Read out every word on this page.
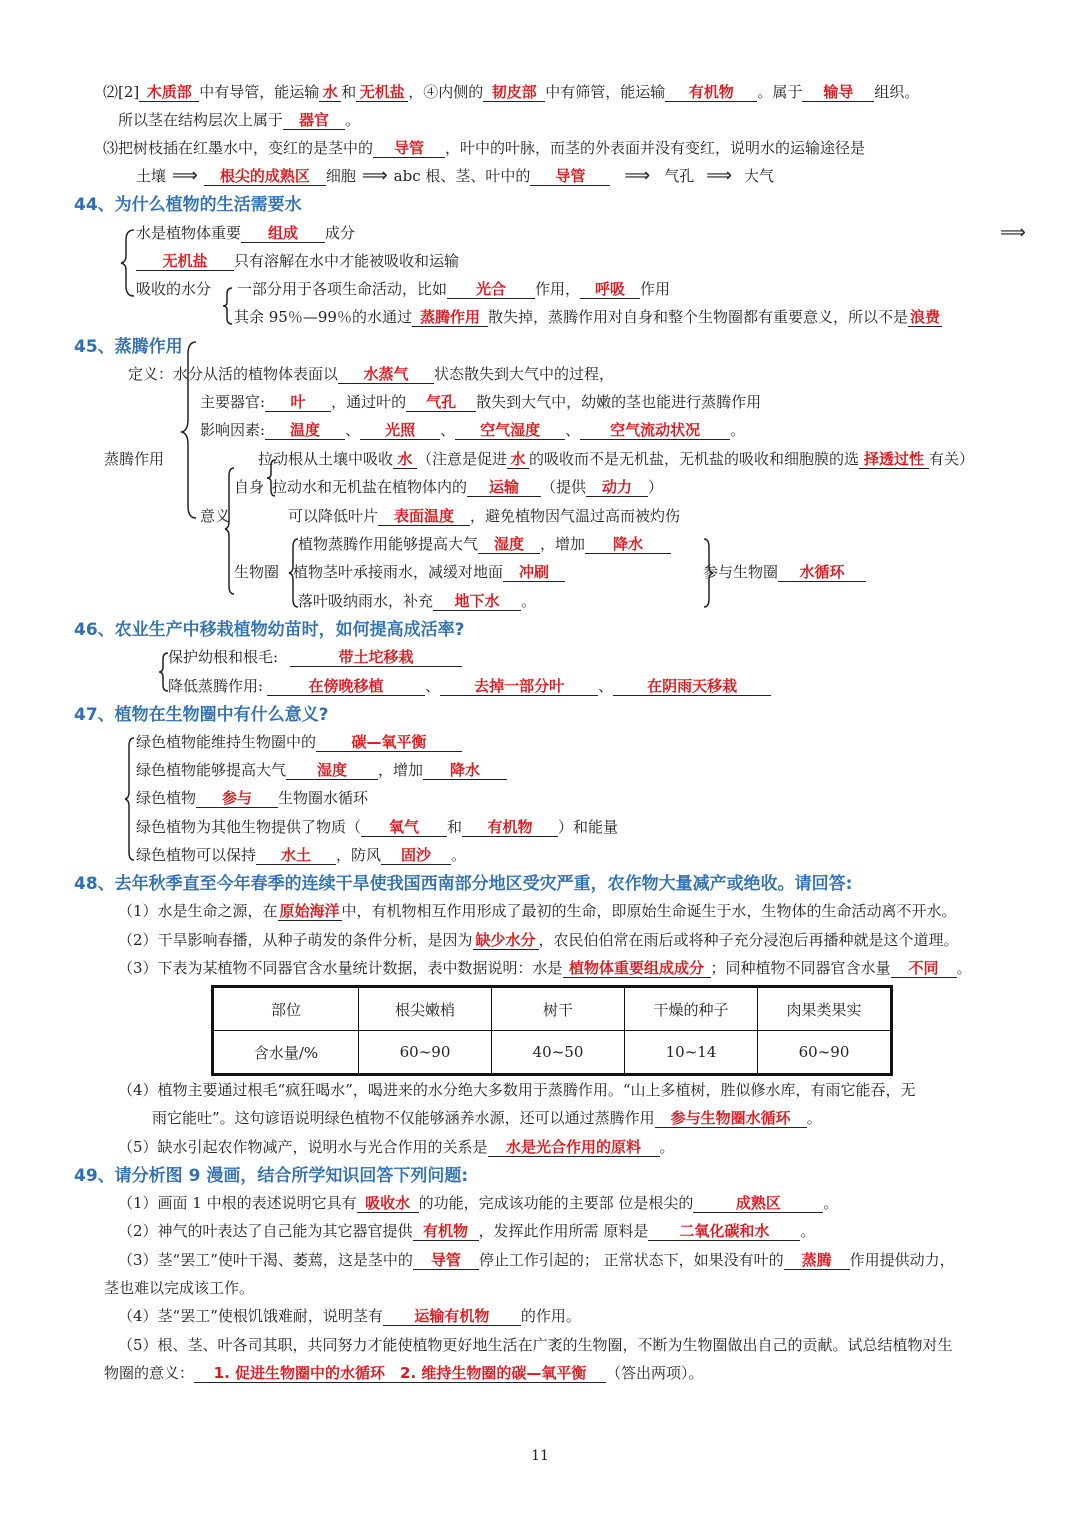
⑵[2] 木质部 中有导管，能运输 水 和 无机盐 ，④内侧的 韧皮部 中有筛管，能运输 有机物 。属于 输导 组织。
所以茎在结构层次上属于 器官 。
⑶把树枝插在红墨水中，变红的是茎中的 导管 ，叶中的叶脉，而茎的外表面并没有变红，说明水的运输途径是
土壤 ⟹ 根尖的成熟区 细胞 ⟹ abc 根、茎、叶中的 导管 ⟹ 气孔 ⟹ 大气
44、为什么植物的生活需要水
水是植物体重要 组成 成分	⟹
无机盐 只有溶解在水中才能被吸收和运输
吸收的水分 一部分用于各项生命活动，比如 光合 作用， 呼吸 作用
其余 95％—99％的水通过 蒸腾作用 散失掉，蒸腾作用对自身和整个生物圈都有重要意义，所以不是 浪费
45、蒸腾作用
蒸腾作用
定义：水分从活的植物体表面以 水蒸气 状态散失到大气中的过程，
主要器官: 叶 ，通过叶的 气孔 散失到大气中，幼嫩的茎也能进行蒸腾作用
影响因素: 温度 、 光照 、 空气湿度 、 空气流动状况 。
拉动根从土壤中吸收 水 （注意是促进 水 的吸收而不是无机盐，无机盐的吸收和细胞膜的选 择透过性 有关）
自身 拉动水和无机盐在植物体内的 运输 （提供 动力 ）
意义	可以降低叶片 表面温度 ，避免植物因气温过高而被灼伤
植物蒸腾作用能够提高大气 湿度 ，增加 降水
生物圈 植物茎叶承接雨水，减缓对地面 冲刷	参与生物圈 水循环
落叶吸纳雨水，补充 地下水 。
46、农业生产中移栽植物幼苗时，如何提高成活率?
保护幼根和根毛:	带土坨移栽
降低蒸腾作用:	在傍晚移植	、 去掉一部分叶 、 在阴雨天移栽
47、植物在生物圈中有什么意义?
绿色植物能维持生物圈中的 碳—氧平衡
绿色植物能够提高大气 湿度 ，增加 降水
绿色植物 参与 生物圈水循环
绿色植物为其他生物提供了物质（ 氧气 和 有机物 ）和能量
绿色植物可以保持 水土 ，防风 固沙 。
48、去年秋季直至今年春季的连续干旱使我国西南部分地区受灾严重，农作物大量减产或绝收。请回答:
（1）水是生命之源，在 原始海洋 中，有机物相互作用形成了最初的生命，即原始生命诞生于水，生物体的生命活动离不开水。
（2）干旱影响春播，从种子萌发的条件分析，是因为 缺少水分 ，农民伯伯常在雨后或将种子充分浸泡后再播种就是这个道理。
（3）下表为某植物不同器官含水量统计数据，表中数据说明：水是 植物体重要组成成分 ；同种植物不同器官含水量 不同 。
部位	根尖嫩梢	树干	干燥的种子	肉果类果实
含水量/%	60~90	40~50	10~14	60~90
（4）植物主要通过根毛“疯狂喝水”，喝进来的水分绝大多数用于蒸腾作用。“山上多植树，胜似修水库，有雨它能吞，无
雨它能吐”。这句谚语说明绿色植物不仅能够涵养水源，还可以通过蒸腾作用 参与生物圈水循环 。
（5）缺水引起农作物减产，说明水与光合作用的关系是 水是光合作用的原料 。
49、请分析图 9 漫画，结合所学知识回答下列问题:
（1）画面 1 中根的表述说明它具有 吸收水 的功能，完成该功能的主要部 位是根尖的	成熟区	。
（2）神气的叶表达了自己能为其它器官提供 有机物 ，发挥此作用所需 原料是 二氧化碳和水 。
（3）茎“罢工”使叶干渴、萎蔫，这是茎中的 导管 停止工作引起的； 正常状态下，如果没有叶的 蒸腾 作用提供动力，
茎也难以完成该工作。
（4）茎“罢工”使根饥饿难耐，说明茎有 运输有机物 的作用。
（5）根、茎、叶各司其职，共同努力才能使植物更好地生活在广袤的生物圈，不断为生物圈做出自己的贡献。试总结植物对生
物圈的意义： 1. 促进生物圈中的水循环　2. 维持生物圈的碳—氧平衡 （答出两项）。
11
